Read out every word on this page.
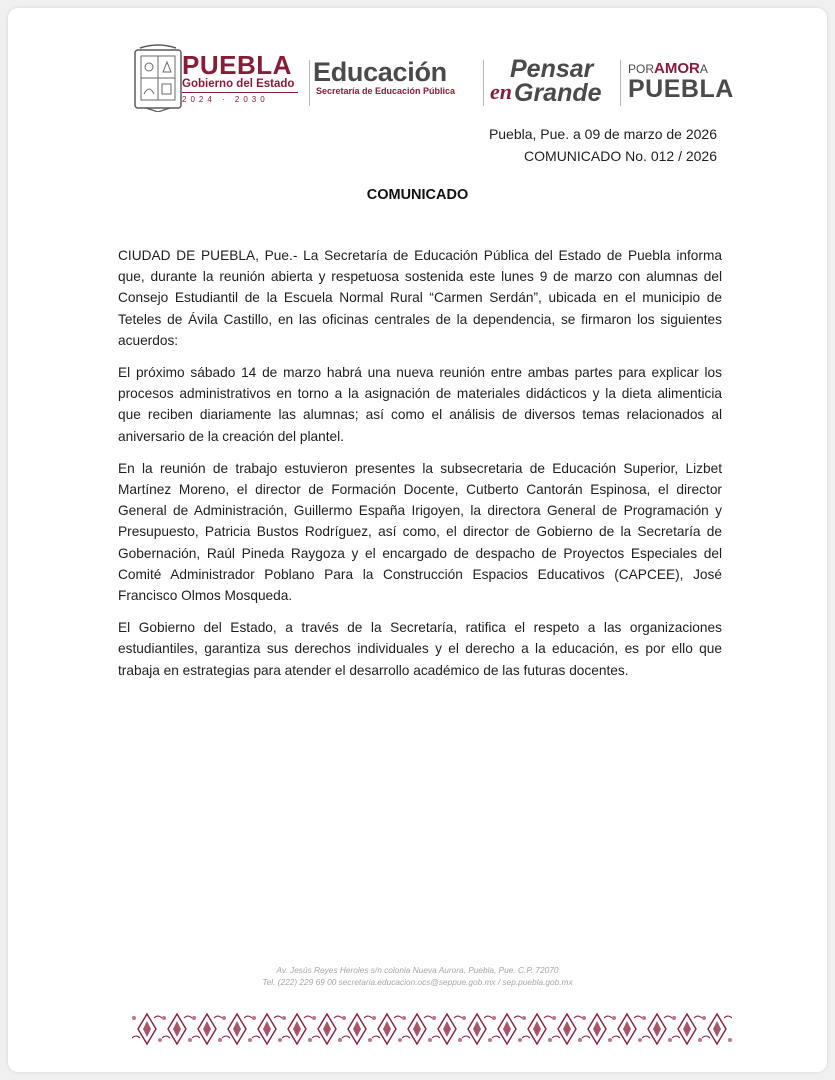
PUEBLA
Gobierno del Estado
2024 · 2030
Educación
Secretaría de Educación Pública
Pensar
en Grande
PORAMORA
PUEBLA
Puebla, Pue. a 09 de marzo de 2026
COMUNICADO No. 012 / 2026
COMUNICADO

CIUDAD DE PUEBLA, Pue.- La Secretaría de Educación Pública del Estado de Puebla informa que, durante la reunión abierta y respetuosa sostenida este lunes 9 de marzo con alumnas del Consejo Estudiantil de la Escuela Normal Rural “Carmen Serdán”, ubicada en el municipio de Teteles de Ávila Castillo, en las oficinas centrales de la dependencia, se firmaron los siguientes acuerdos:

El próximo sábado 14 de marzo habrá una nueva reunión entre ambas partes para explicar los procesos administrativos en torno a la asignación de materiales didácticos y la dieta alimenticia que reciben diariamente las alumnas; así como el análisis de diversos temas relacionados al aniversario de la creación del plantel.

En la reunión de trabajo estuvieron presentes la subsecretaria de Educación Superior, Lizbet Martínez Moreno, el director de Formación Docente, Cutberto Cantorán Espinosa, el director General de Administración, Guillermo España Irigoyen, la directora General de Programación y Presupuesto, Patricia Bustos Rodríguez, así como, el director de Gobierno de la Secretaría de Gobernación, Raúl Pineda Raygoza y el encargado de despacho de Proyectos Especiales del Comité Administrador Poblano Para la Construcción Espacios Educativos (CAPCEE), José Francisco Olmos Mosqueda.

El Gobierno del Estado, a través de la Secretaría, ratifica el respeto a las organizaciones estudiantiles, garantiza sus derechos individuales y el derecho a la educación, es por ello que trabaja en estrategias para atender el desarrollo académico de las futuras docentes.

Av. Jesús Reyes Heroles s/n colonia Nueva Aurora, Puebla, Pue. C.P. 72070
Tel. (222) 229 69 00 secretaria.educacion.ocs@seppue.gob.mx / sep.puebla.gob.mx
